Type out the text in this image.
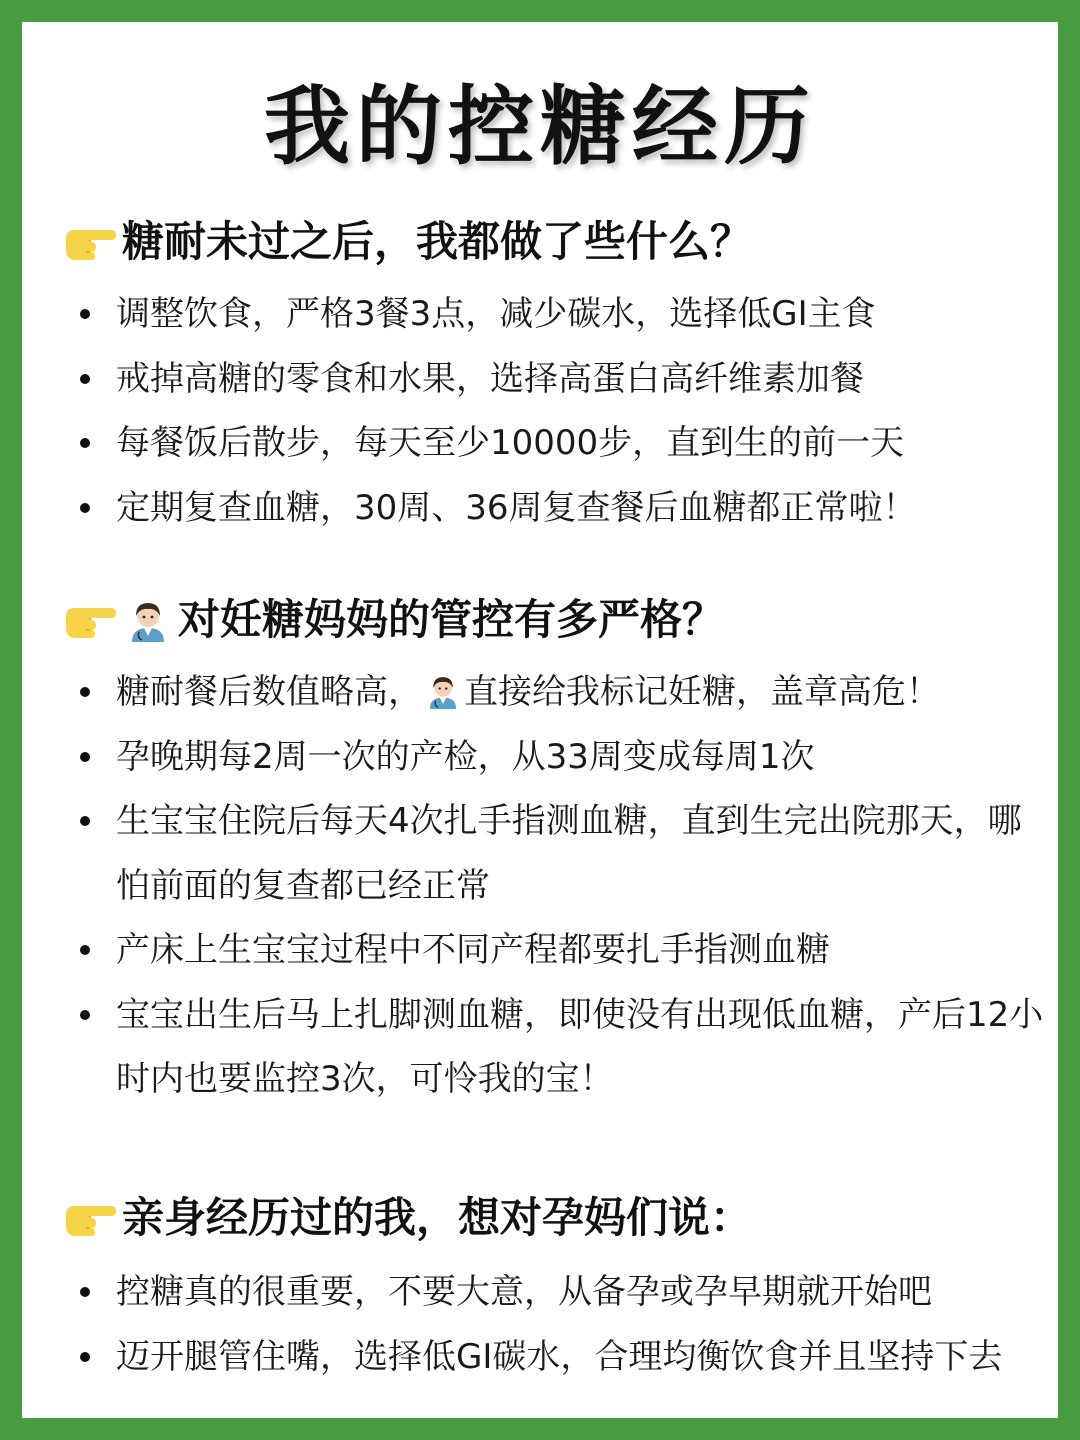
我的控糖经历
糖耐未过之后，我都做了些什么？
调整饮食，严格3餐3点，减少碳水，选择低GI主食
戒掉高糖的零食和水果，选择高蛋白高纤维素加餐
每餐饭后散步，每天至少10000步，直到生的前一天
定期复查血糖，30周、36周复查餐后血糖都正常啦！
对妊糖妈妈的管控有多严格？
糖耐餐后数值略高， 直接给我标记妊糖，盖章高危！
孕晚期每2周一次的产检，从33周变成每周1次
生宝宝住院后每天4次扎手指测血糖，直到生完出院那天，哪怕前面的复查都已经正常
产床上生宝宝过程中不同产程都要扎手指测血糖
宝宝出生后马上扎脚测血糖，即使没有出现低血糖，产后12小时内也要监控3次，可怜我的宝！
亲身经历过的我，想对孕妈们说：
控糖真的很重要，不要大意，从备孕或孕早期就开始吧
迈开腿管住嘴，选择低GI碳水，合理均衡饮食并且坚持下去
